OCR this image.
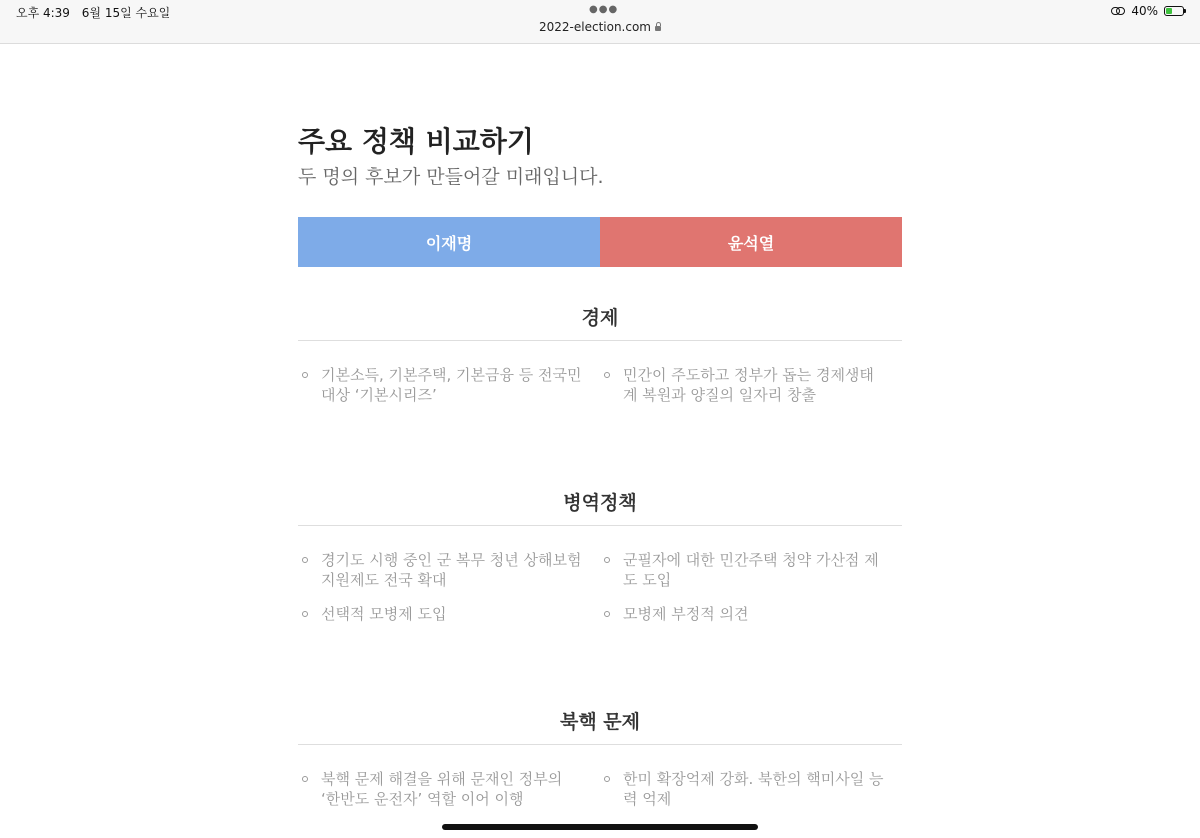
오후 4:39 6월 15일 수요일	●●●
2022-election.com
40%
주요 정책 비교하기

두 명의 후보가 만들어갈 미래입니다.

이재명	윤석열
경제
기본소득, 기본주택, 기본금융 등 전국민 대상 ‘기본시리즈’
민간이 주도하고 정부가 돕는 경제생태계 복원과 양질의 일자리 창출
병역정책
경기도 시행 중인 군 복무 청년 상해보험 지원제도 전국 확대
선택적 모병제 도입
군필자에 대한 민간주택 청약 가산점 제도 도입
모병제 부정적 의견
북핵 문제
북핵 문제 해결을 위해 문재인 정부의 ‘한반도 운전자’ 역할 이어 이행
한미 확장억제 강화. 북한의 핵미사일 능력 억제
